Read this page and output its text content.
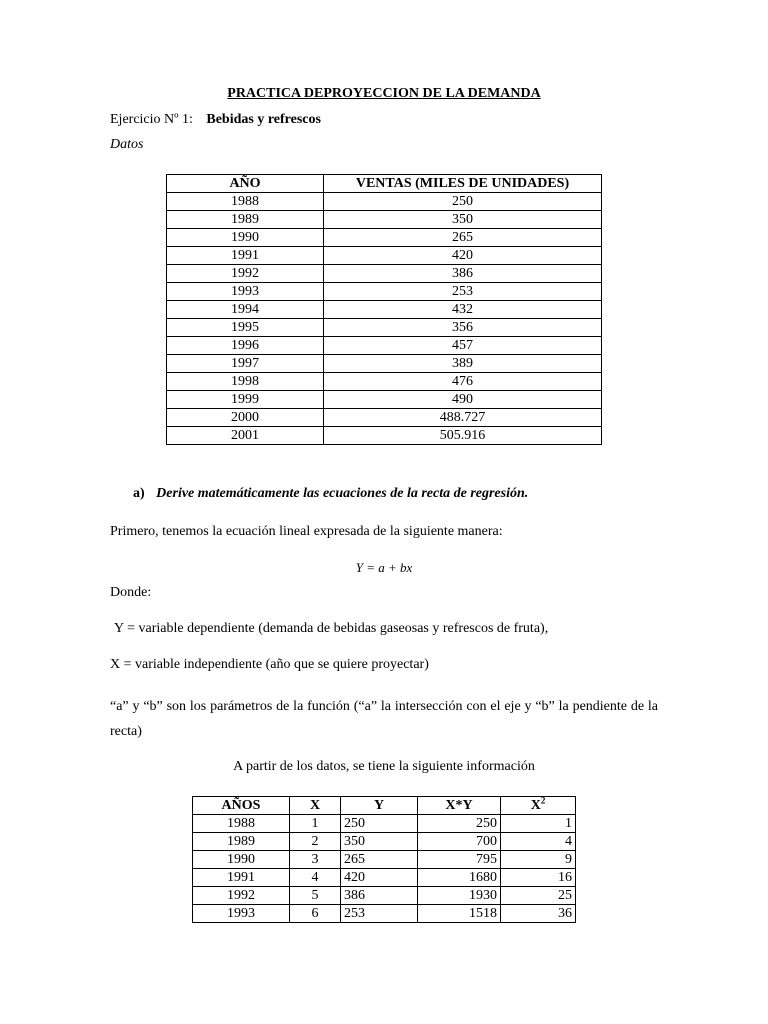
PRACTICA DEPROYECCION DE LA DEMANDA
Ejercicio Nº 1: Bebidas y refrescos
Datos
AÑO	VENTAS (MILES DE UNIDADES)
1988	250
1989	350
1990	265
1991	420
1992	386
1993	253
1994	432
1995	356
1996	457
1997	389
1998	476
1999	490
2000	488.727
2001	505.916
a) Derive matemáticamente las ecuaciones de la recta de regresión.
Primero, tenemos la ecuación lineal expresada de la siguiente manera:
Y = a + bx
Donde:
Y = variable dependiente (demanda de bebidas gaseosas y refrescos de fruta),
X = variable independiente (año que se quiere proyectar)
“a” y “b” son los parámetros de la función (“a” la intersección con el eje y “b” la pendiente de la recta)
A partir de los datos, se tiene la siguiente información
AÑOS	X	Y	X*Y	$X^2$
1988	1	250	250	1
1989	2	350	700	4
1990	3	265	795	9
1991	4	420	1680	16
1992	5	386	1930	25
1993	6	253	1518	36
